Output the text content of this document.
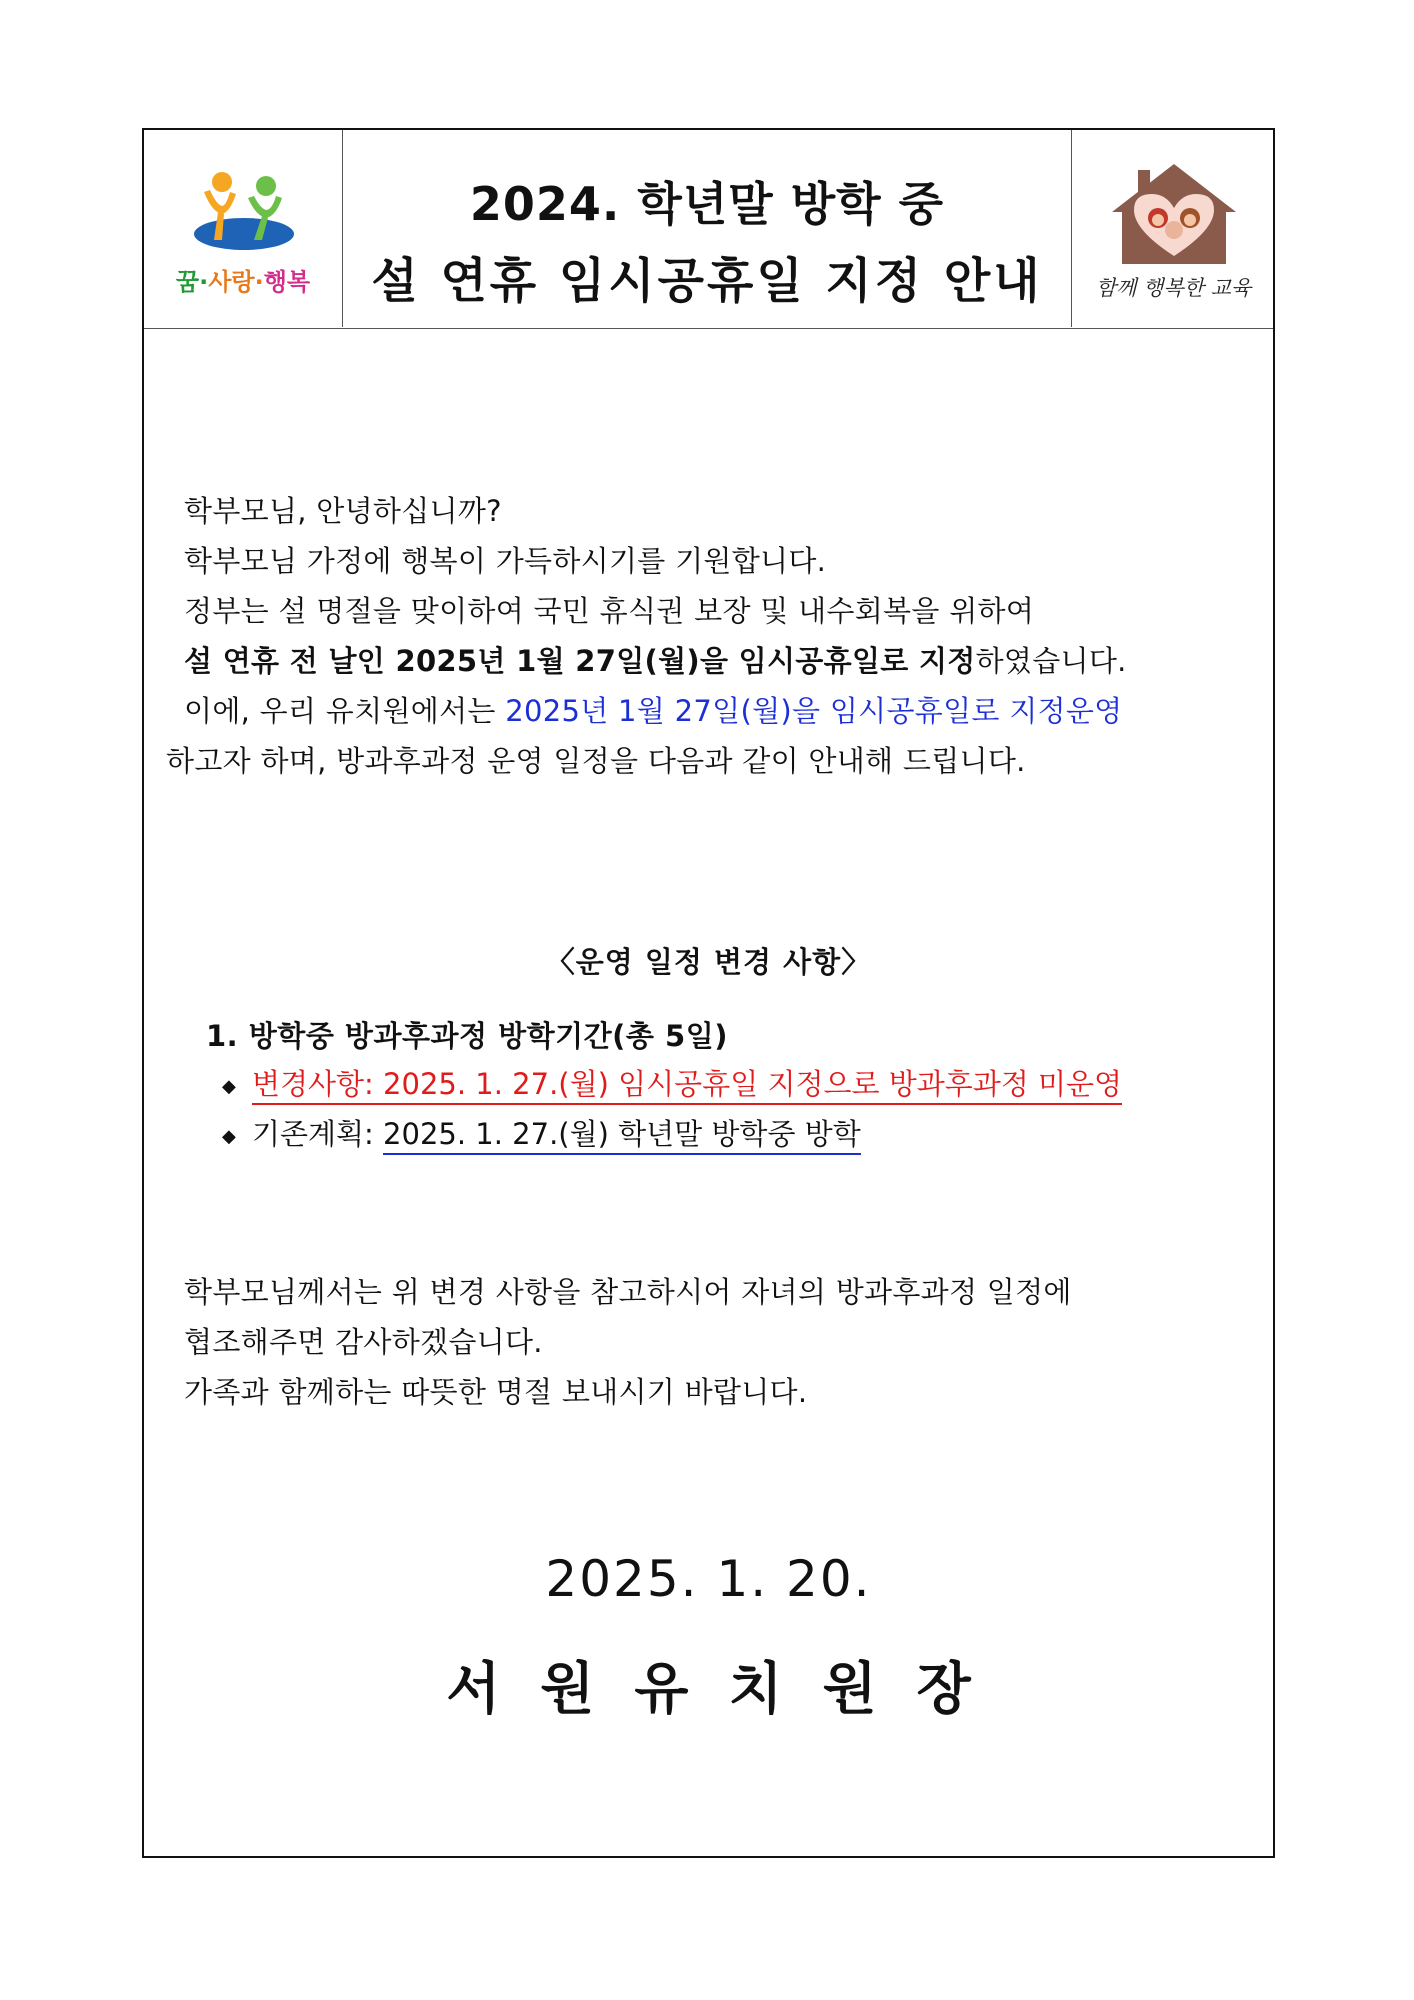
꿈·사랑·행복
2024. 학년말 방학 중
설 연휴 임시공휴일 지정 안내	함께 행복한 교육
학부모님, 안녕하십니까?
학부모님 가정에 행복이 가득하시기를 기원합니다.
정부는 설 명절을 맞이하여 국민 휴식권 보장 및 내수회복을 위하여
설 연휴 전 날인 2025년 1월 27일(월)을 임시공휴일로 지정하였습니다.
이에, 우리 유치원에서는 2025년 1월 27일(월)을 임시공휴일로 지정운영
하고자 하며, 방과후과정 운영 일정을 다음과 같이 안내해 드립니다.
〈운영 일정 변경 사항〉
1. 방학중 방과후과정 방학기간(총 5일)
◆ 변경사항: 2025. 1. 27.(월) 임시공휴일 지정으로 방과후과정 미운영
◆ 기존계획: 2025. 1. 27.(월) 학년말 방학중 방학
학부모님께서는 위 변경 사항을 참고하시어 자녀의 방과후과정 일정에
협조해주면 감사하겠습니다.
가족과 함께하는 따뜻한 명절 보내시기 바랍니다.
2025. 1. 20.
서원유치원장
